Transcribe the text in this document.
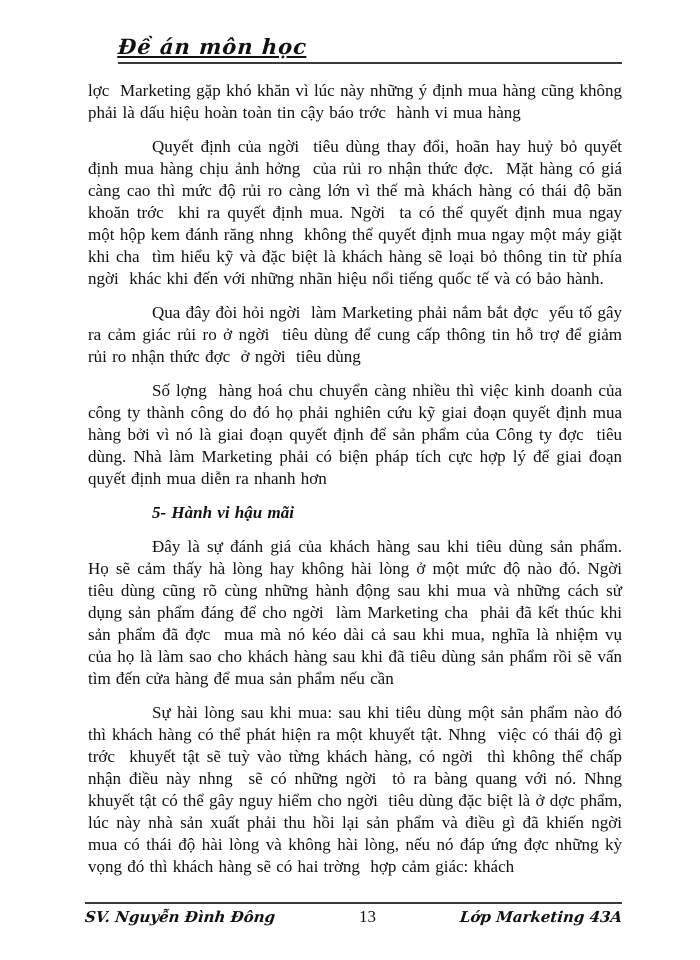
Đề án môn học

lợc  Marketing gặp khó khăn vì lúc này những ý định mua hàng cũng không phải là dấu hiệu hoàn toàn tin cậy báo trớc  hành vi mua hàng

Quyết định của ngời  tiêu dùng thay đổi, hoãn hay huỷ bỏ quyết định mua hàng chịu ảnh hởng  của rủi ro nhận thức đợc.  Mặt hàng có giá càng cao thì mức độ rủi ro càng lớn vì thế mà khách hàng có thái độ băn khoăn trớc  khi ra quyết định mua. Ngời  ta có thể quyết định mua ngay một hộp kem đánh răng nhng  không thể quyết định mua ngay một máy giặt khi cha  tìm hiểu kỹ và đặc biệt là khách hàng sẽ loại bỏ thông tin từ phía ngời  khác khi đến với những nhãn hiệu nổi tiếng quốc tế và có bảo hành.

Qua đây đòi hỏi ngời  làm Marketing phải nắm bắt đợc  yếu tố gây ra cảm giác rủi ro ở ngời  tiêu dùng để cung cấp thông tin hỗ trợ để giảm rủi ro nhận thức đợc  ở ngời  tiêu dùng

Số lợng  hàng hoá chu chuyển càng nhiều thì việc kinh doanh của công ty thành công do đó họ phải nghiên cứu kỹ giai đoạn quyết định mua hàng bởi vì nó là giai đoạn quyết định để sản phẩm của Công ty đợc  tiêu dùng. Nhà làm Marketing phải có biện pháp tích cực hợp lý để giai đoạn quyết định mua diễn ra nhanh hơn

5- Hành vi hậu mãi

Đây là sự đánh giá của khách hàng sau khi tiêu dùng sản phẩm. Họ sẽ cảm thấy hà lòng hay không hài lòng ở một mức độ nào đó. Ngời  tiêu dùng cũng rõ cùng những hành động sau khi mua và những cách sử dụng sản phẩm đáng để cho ngời  làm Marketing cha  phải đã kết thúc khi sản phẩm đã đợc  mua mà nó kéo dài cả sau khi mua, nghĩa là nhiệm vụ của họ là làm sao cho khách hàng sau khi đã tiêu dùng sản phẩm rồi sẽ vấn tìm đến cửa hàng để mua sản phẩm nếu cần

Sự hài lòng sau khi mua: sau khi tiêu dùng một sản phẩm nào đó thì khách hàng có thể phát hiện ra một khuyết tật. Nhng  việc có thái độ gì trớc  khuyết tật sẽ tuỳ vào từng khách hàng, có ngời  thì không thể chấp nhận điều này nhng  sẽ có những ngời  tỏ ra bàng quang với nó. Nhng khuyết tật có thể gây nguy hiểm cho ngời  tiêu dùng đặc biệt là ở dợc phẩm, lúc này nhà sản xuất phải thu hồi lại sản phẩm và điều gì đã khiến ngời  mua có thái độ hài lòng và không hài lòng, nếu nó đáp ứng đợc những kỳ vọng đó thì khách hàng sẽ có hai trờng  hợp cảm giác: khách

SV. Nguyễn Đình Đông	13	Lớp Marketing 43A
